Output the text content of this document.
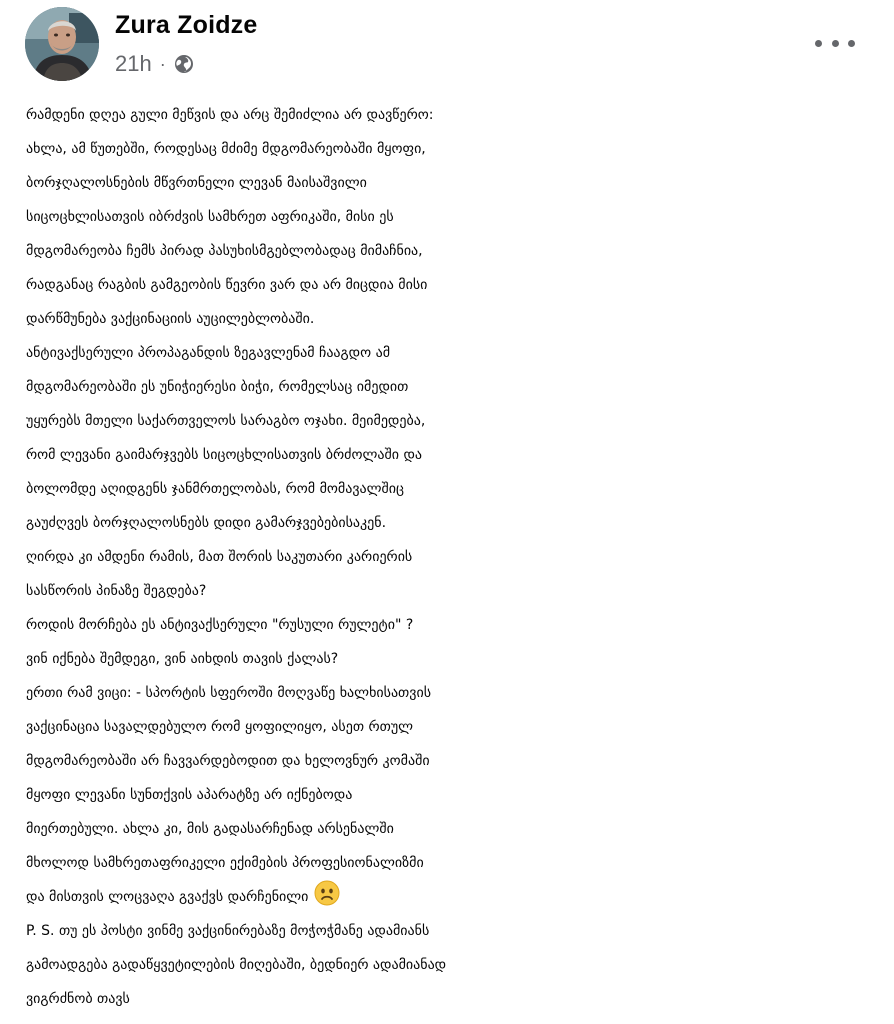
Zura Zoidze
21h ·
რამდენი დღეა გული მეწვის და არც შემიძლია არ დავწერო:
ახლა, ამ წუთებში, როდესაც მძიმე მდგომარეობაში მყოფი,
ბორჯღალოსნების მწვრთნელი ლევან მაისაშვილი
სიცოცხლისათვის იბრძვის სამხრეთ აფრიკაში, მისი ეს
მდგომარეობა ჩემს პირად პასუხისმგებლობადაც მიმაჩნია,
რადგანაც რაგბის გამგეობის წევრი ვარ და არ მიცდია მისი
დარწმუნება ვაქცინაციის აუცილებლობაში.
ანტივაქსერული პროპაგანდის ზეგავლენამ ჩააგდო ამ
მდგომარეობაში ეს უნიჭიერესი ბიჭი, რომელსაც იმედით
უყურებს მთელი საქართველოს სარაგბო ოჯახი. მეიმედება,
რომ ლევანი გაიმარჯვებს სიცოცხლისათვის ბრძოლაში და
ბოლომდე აღიდგენს ჯანმრთელობას, რომ მომავალშიც
გაუძღვეს ბორჯღალოსნებს დიდი გამარჯვებებისაკენ.
ღირდა კი ამდენი რამის, მათ შორის საკუთარი კარიერის
სასწორის პინაზე შეგდება?
როდის მორჩება ეს ანტივაქსერული "რუსული რულეტი" ?
ვინ იქნება შემდეგი, ვინ აიხდის თავის ქალას?
ერთი რამ ვიცი: - სპორტის სფეროში მოღვაწე ხალხისათვის
ვაქცინაცია სავალდებულო რომ ყოფილიყო, ასეთ რთულ
მდგომარეობაში არ ჩავვარდებოდით და ხელოვნურ კომაში
მყოფი ლევანი სუნთქვის აპარატზე არ იქნებოდა
მიერთებული. ახლა კი, მის გადასარჩენად არსენალში
მხოლოდ სამხრეთაფრიკელი ექიმების პროფესიონალიზმი
და მისთვის ლოცვაღა გვაქვს დარჩენილი
P. S. თუ ეს პოსტი ვინმე ვაქცინირებაზე მოჭოჭმანე ადამიანს
გამოადგება გადაწყვეტილების მიღებაში, ბედნიერ ადამიანად
ვიგრძნობ თავს
